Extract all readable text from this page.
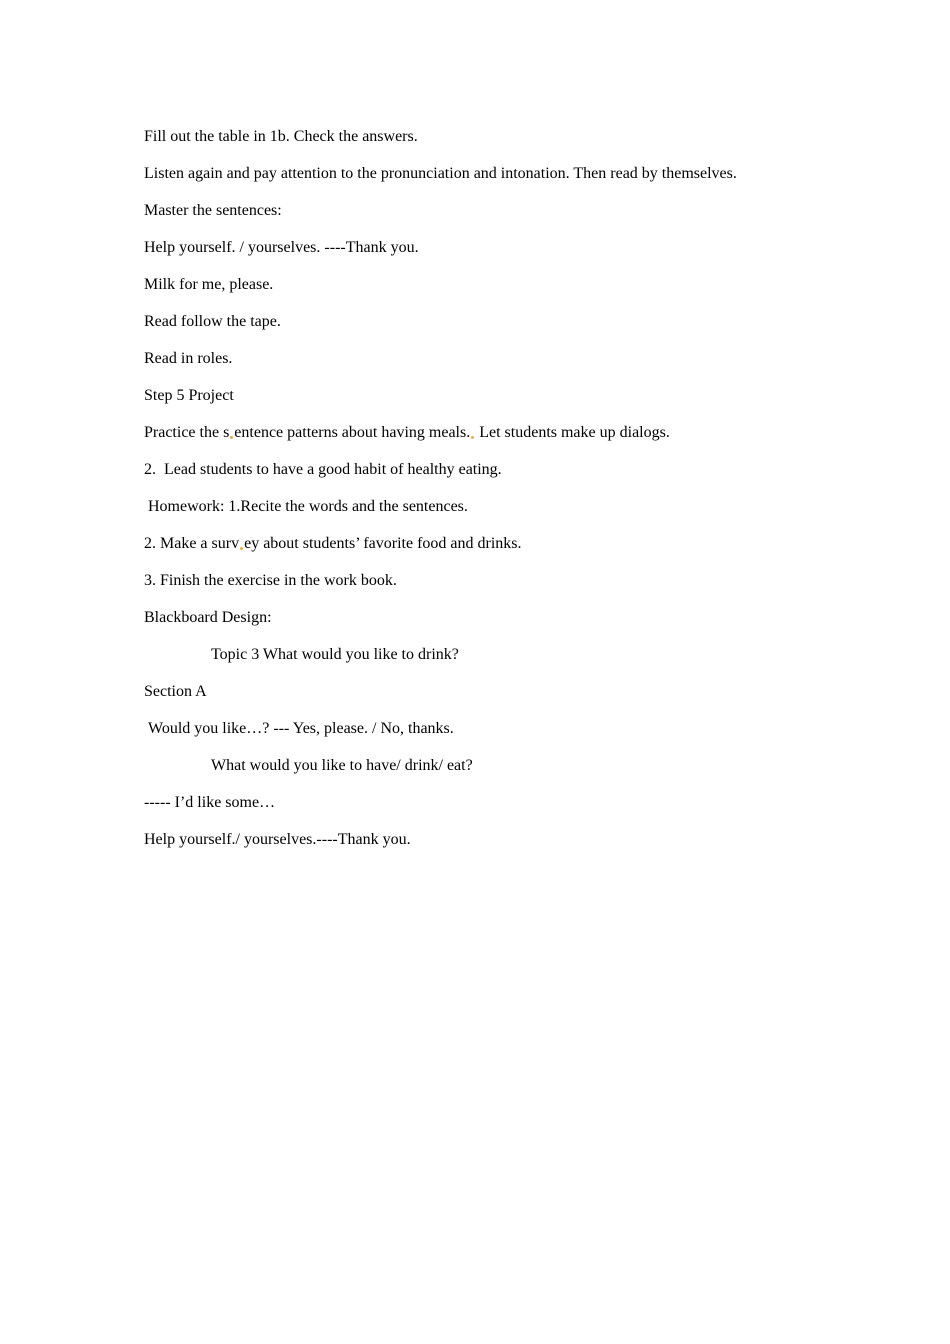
Fill out the table in 1b. Check the answers.
Listen again and pay attention to the pronunciation and intonation. Then read by themselves.
Master the sentences:
Help yourself. / yourselves. ----Thank you.
Milk for me, please.
Read follow the tape.
Read in roles.
Step 5 Project
Practice the s entence patterns about having meals. Let students make up dialogs.
2.  Lead students to have a good habit of healthy eating.
Homework: 1.Recite the words and the sentences.
2. Make a surv ey about students’ favorite food and drinks.
3. Finish the exercise in the work book.
Blackboard Design:
Topic 3 What would you like to drink?
Section A
Would you like…? --- Yes, please. / No, thanks.
What would you like to have/ drink/ eat?
----- I’d like some…
Help yourself./ yourselves.----Thank you.
